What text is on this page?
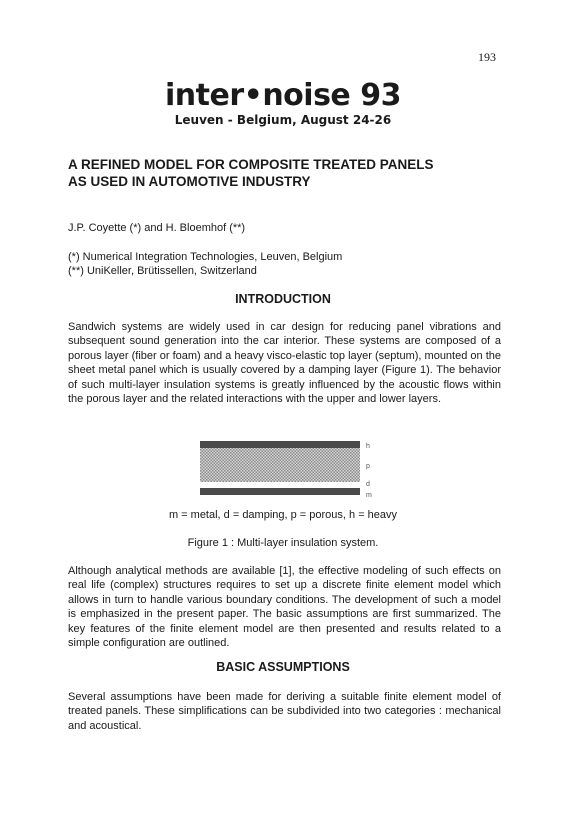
193
inter•noise 93
Leuven - Belgium, August 24-26
A REFINED MODEL FOR COMPOSITE TREATED PANELS
AS USED IN AUTOMOTIVE INDUSTRY
J.P. Coyette (*) and H. Bloemhof (**)
(*) Numerical Integration Technologies, Leuven, Belgium
(**) UniKeller, Brütissellen, Switzerland
INTRODUCTION
Sandwich systems are widely used in car design for reducing panel vibrations and subsequent sound generation into the car interior. These systems are composed of a porous layer (fiber or foam) and a heavy visco-elastic top layer (septum), mounted on the sheet metal panel which is usually covered by a damping layer (Figure 1). The behavior of such multi-layer insulation systems is greatly influenced by the acoustic flows within the porous layer and the related interactions with the upper and lower layers.
h
p
d
m
m = metal, d = damping, p = porous, h = heavy
Figure 1 : Multi-layer insulation system.
Although analytical methods are available [1], the effective modeling of such effects on real life (complex) structures requires to set up a discrete finite element model which allows in turn to handle various boundary conditions. The development of such a model is emphasized in the present paper. The basic assumptions are first summarized. The key features of the finite element model are then presented and results related to a simple configuration are outlined.
BASIC ASSUMPTIONS
Several assumptions have been made for deriving a suitable finite element model of treated panels. These simplifications can be subdivided into two categories : mechanical and acoustical.
